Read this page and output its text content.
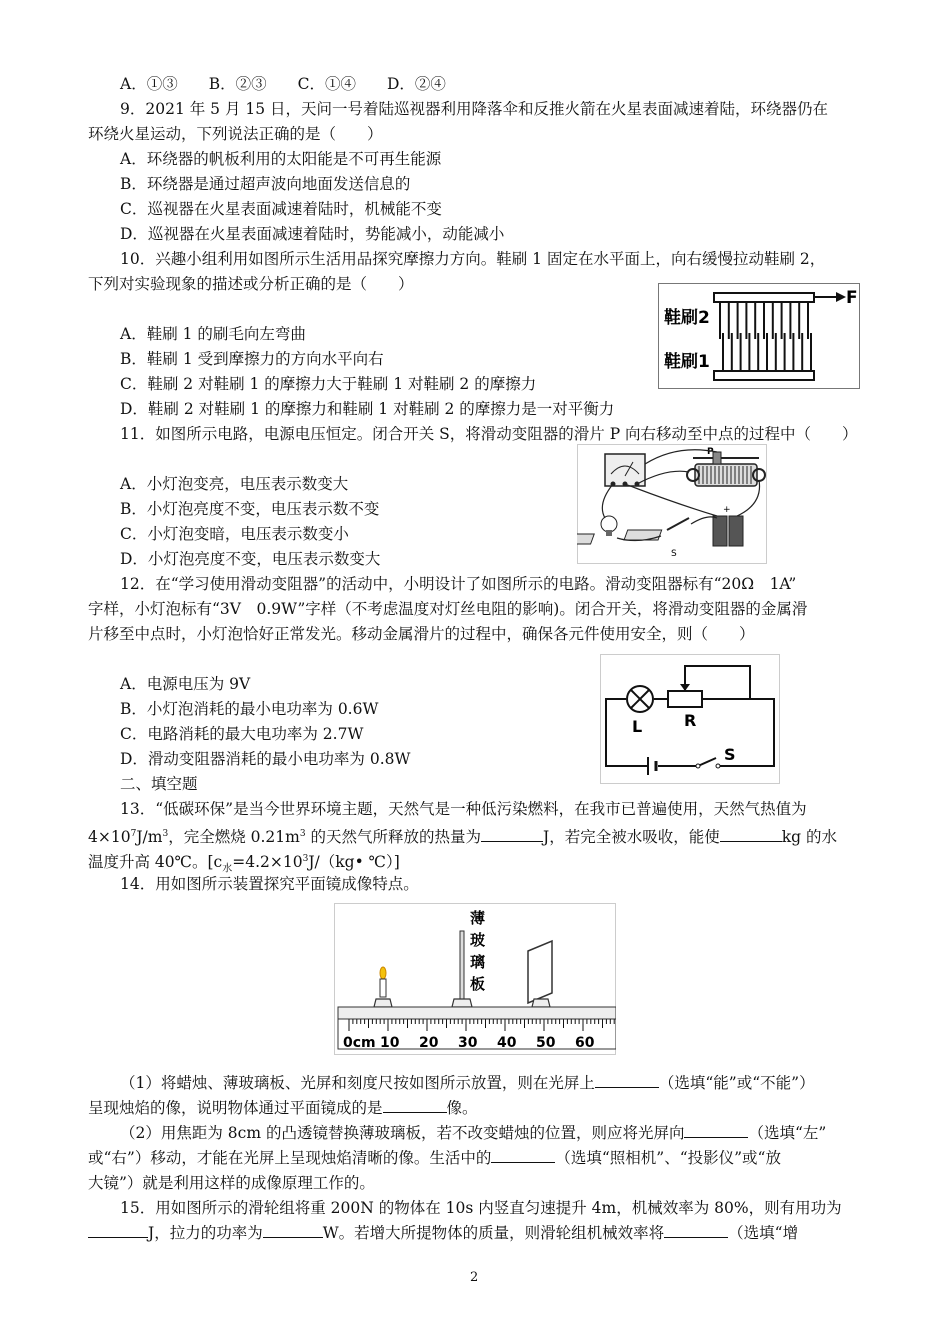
A．①③　　B．②③　　C．①④　　D．②④
9．2021 年 5 月 15 日，天问一号着陆巡视器利用降落伞和反推火箭在火星表面减速着陆，环绕器仍在
环绕火星运动，下列说法正确的是（　　）
A．环绕器的帆板利用的太阳能是不可再生能源
B．环绕器是通过超声波向地面发送信息的
C．巡视器在火星表面减速着陆时，机械能不变
D．巡视器在火星表面减速着陆时，势能减小，动能减小
10．兴趣小组利用如图所示生活用品探究摩擦力方向。鞋刷 1 固定在水平面上，向右缓慢拉动鞋刷 2，
下列对实验现象的描述或分析正确的是（　　）
A．鞋刷 1 的刷毛向左弯曲
B．鞋刷 1 受到摩擦力的方向水平向右
C．鞋刷 2 对鞋刷 1 的摩擦力大于鞋刷 1 对鞋刷 2 的摩擦力
D．鞋刷 2 对鞋刷 1 的摩擦力和鞋刷 1 对鞋刷 2 的摩擦力是一对平衡力
鞋刷2
鞋刷1
F
11．如图所示电路，电源电压恒定。闭合开关 S，将滑动变阻器的滑片 P 向右移动至中点的过程中（　　）
A．小灯泡变亮，电压表示数变大
B．小灯泡亮度不变，电压表示数不变
C．小灯泡变暗，电压表示数变小
D．小灯泡亮度不变，电压表示数变大
P
S
+
12．在“学习使用滑动变阻器”的活动中，小明设计了如图所示的电路。滑动变阻器标有“20Ω　1A”
字样，小灯泡标有“3V　0.9W”字样（不考虑温度对灯丝电阻的影响)。闭合开关，将滑动变阻器的金属滑
片移至中点时，小灯泡恰好正常发光。移动金属滑片的过程中，确保各元件使用安全，则（　　）
A．电源电压为 9V
B．小灯泡消耗的最小电功率为 0.6W
C．电路消耗的最大电功率为 2.7W
D．滑动变阻器消耗的最小电功率为 0.8W
L	R
S
二、填空题
13．“低碳环保”是当今世界环境主题，天然气是一种低污染燃料，在我市已普遍使用，天然气热值为
$4\times 10^7J/m^3$，完全燃烧 $0.21m^3$ 的天然气所释放的热量为	J，若完全被水吸收，能使	kg 的水
温度升高 40℃。[$c_水=4.2\times 10^3J/(kg•$ ℃）]
14．用如图所示装置探究平面镜成像特点。
薄
玻
璃
板
0cm 10 20 30 40 50 60
（1）将蜡烛、薄玻璃板、光屏和刻度尺按如图所示放置，则在光屏上	（选填“能”或“不能”）
呈现烛焰的像，说明物体通过平面镜成的是	像。
（2）用焦距为 8cm 的凸透镜替换薄玻璃板，若不改变蜡烛的位置，则应将光屏向	（选填“左”
或“右”）移动，才能在光屏上呈现烛焰清晰的像。生活中的	（选填“照相机”、“投影仪”或“放
大镜”）就是利用这样的成像原理工作的。
15．用如图所示的滑轮组将重 200N 的物体在 10s 内竖直匀速提升 4m，机械效率为 80%，则有用功为
J，拉力的功率为	W。若增大所提物体的质量，则滑轮组机械效率将	（选填“增
2
